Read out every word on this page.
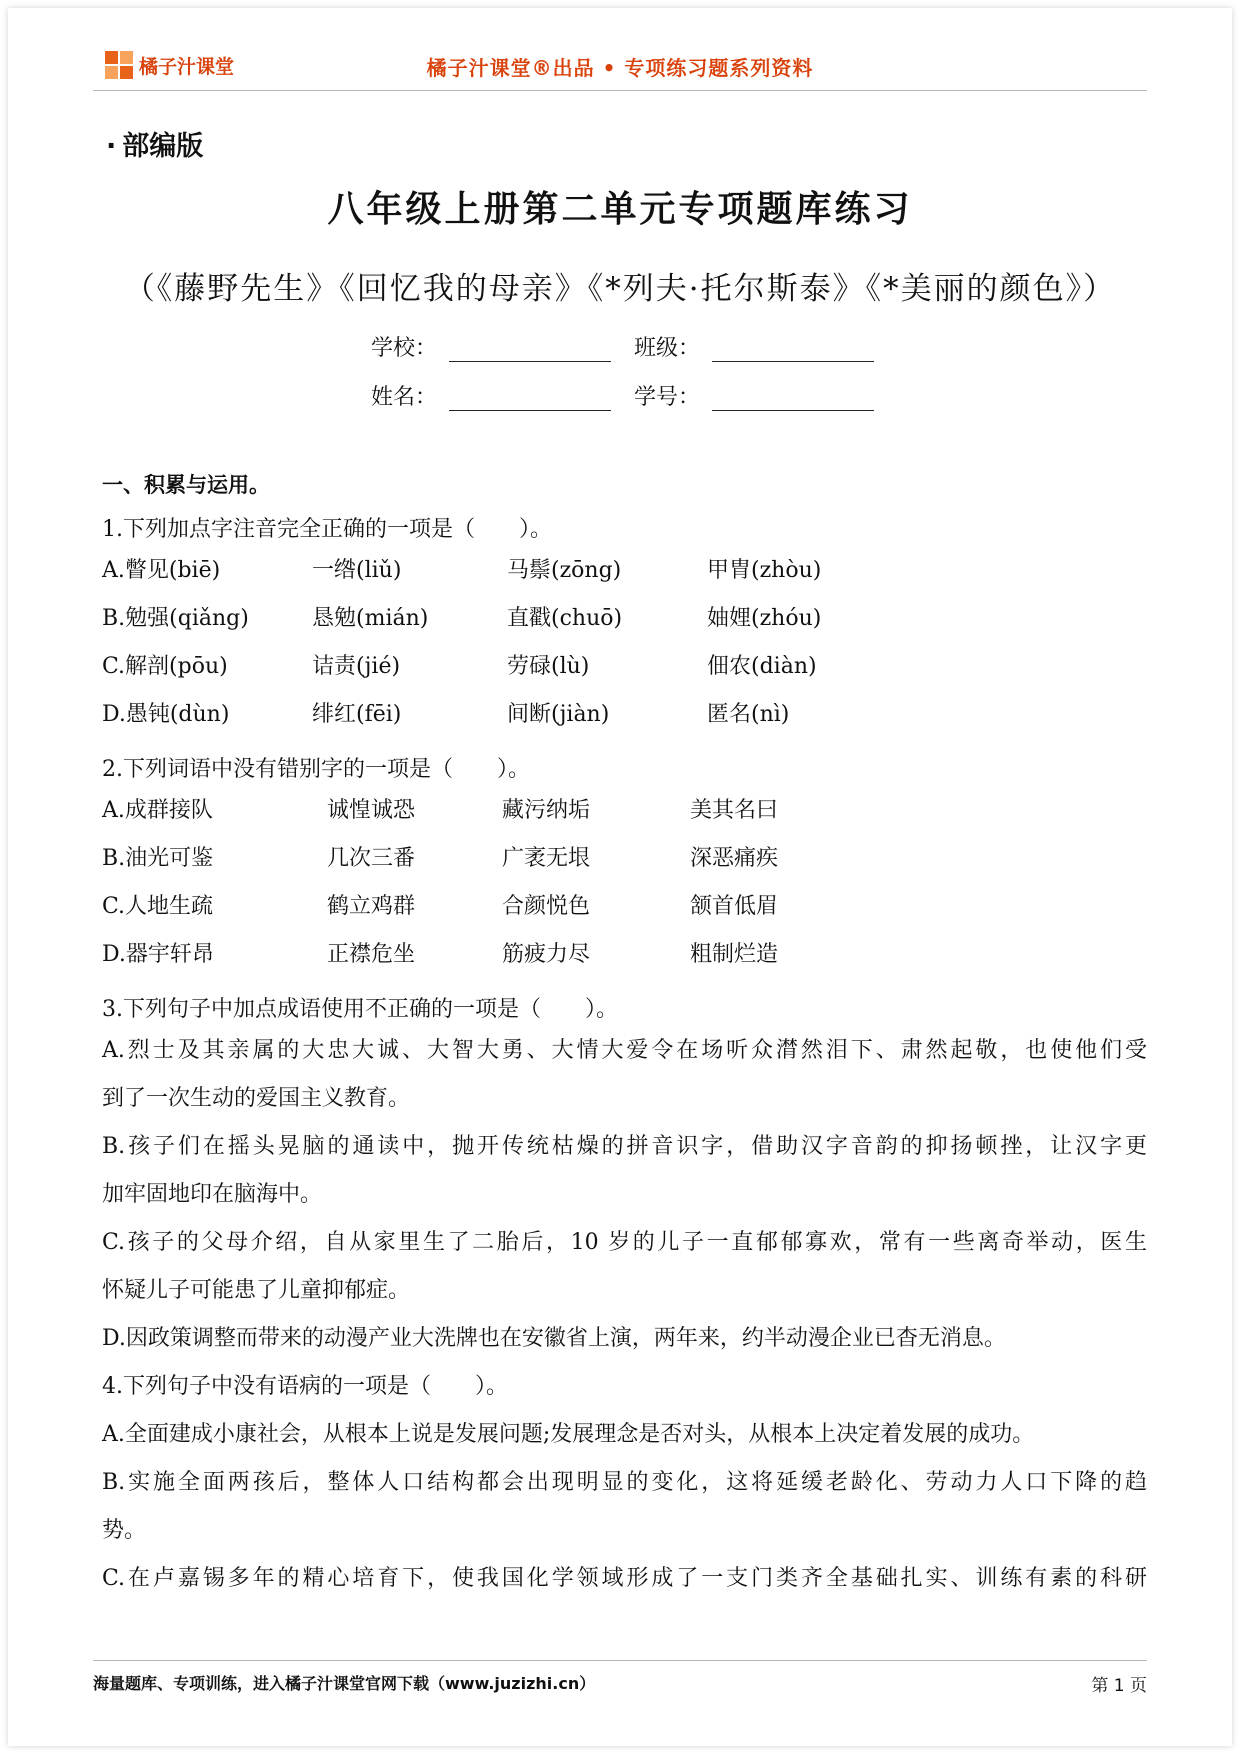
橘子汁课堂	橘子汁课堂®出品 • 专项练习题系列资料
· 部编版
八年级上册第二单元专项题库练习
（《藤野先生》《回忆我的母亲》《*列夫·托尔斯泰》《*美丽的颜色》）
学校：	班级：
姓名：	学号：
一、积累与运用。
1.下列加点字注音完全正确的一项是（　　）。
A.瞥见(biē)	一绺(liǔ)	马鬃(zōng)	甲胄(zhòu)
B.勉强(qiǎng)	恳勉(mián)	直戳(chuō)	妯娌(zhóu)
C.解剖(pōu)	诘责(jié)	劳碌(lù)	佃农(diàn)
D.愚钝(dùn)	绯红(fēi)	间断(jiàn)	匿名(nì)
2.下列词语中没有错别字的一项是（　　）。
A.成群接队	诚惶诚恐	藏污纳垢	美其名曰
B.油光可鉴	几次三番	广袤无垠	深恶痛疾
C.人地生疏	鹤立鸡群	合颜悦色	颔首低眉
D.器宇轩昂	正襟危坐	筋疲力尽	粗制烂造
3.下列句子中加点成语使用不正确的一项是（　　）。
A.烈士及其亲属的大忠大诚、大智大勇、大情大爱令在场听众潸然泪下、肃然起敬，也使他们受
到了一次生动的爱国主义教育。
B.孩子们在摇头晃脑的通读中，抛开传统枯燥的拼音识字，借助汉字音韵的抑扬顿挫，让汉字更
加牢固地印在脑海中。
C.孩子的父母介绍，自从家里生了二胎后，10 岁的儿子一直郁郁寡欢，常有一些离奇举动，医生
怀疑儿子可能患了儿童抑郁症。
D.因政策调整而带来的动漫产业大洗牌也在安徽省上演，两年来，约半动漫企业已杳无消息。
4.下列句子中没有语病的一项是（　　）。
A.全面建成小康社会，从根本上说是发展问题;发展理念是否对头，从根本上决定着发展的成功。
B.实施全面两孩后，整体人口结构都会出现明显的变化，这将延缓老龄化、劳动力人口下降的趋
势。
C.在卢嘉锡多年的精心培育下，使我国化学领域形成了一支门类齐全基础扎实、训练有素的科研
海量题库、专项训练，进入橘子汁课堂官网下载（www.juzizhi.cn）	第 1 页
